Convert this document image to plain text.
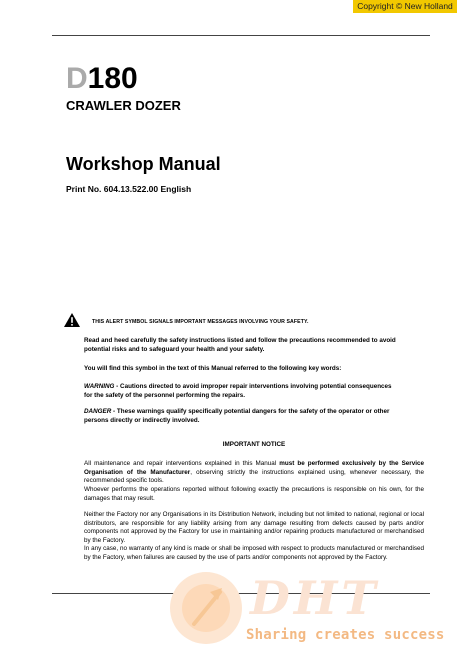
Copyright © New Holland
D180
CRAWLER DOZER
Workshop Manual
Print No. 604.13.522.00 English
THIS ALERT SYMBOL SIGNALS IMPORTANT MESSAGES INVOLVING YOUR SAFETY.
Read and heed carefully the safety instructions listed and follow the precautions recommended to avoid
potential risks and to safeguard your health and your safety.
You will find this symbol in the text of this Manual referred to the following key words:
WARNING - Cautions directed to avoid improper repair interventions involving potential consequences
for the safety of the personnel performing the repairs.
DANGER - These warnings qualify specifically potential dangers for the safety of the operator or other
persons directly or indirectly involved.
IMPORTANT NOTICE
All maintenance and repair interventions explained in this Manual must be performed exclusively by the Service Organisation of the Manufacturer, observing strictly the instructions explained using, whenever necessary, the recommended specific tools.
Whoever performs the operations reported without following exactly the precautions is responsible on his own, for the damages that may result.
Neither the Factory nor any Organisations in its Distribution Network, including but not limited to national, regional or local distributors, are responsible for any liability arising from any damage resulting from defects caused by parts and/or components not approved by the Factory for use in maintaining and/or repairing products manufactured or merchandised by the Factory.
In any case, no warranty of any kind is made or shall be imposed with respect to products manufactured or merchandised by the Factory, when failures are caused by the use of parts and/or components not approved by the Factory.
DHT
Sharing creates success
